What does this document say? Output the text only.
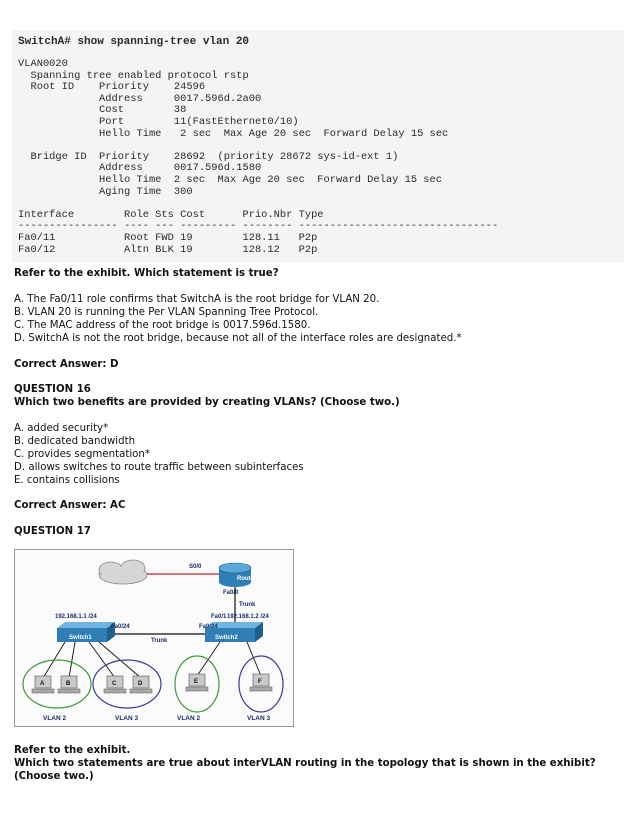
SwitchA# show spanning-tree vlan 20
VLAN0020
Spanning tree enabled protocol rstp
Root ID    Priority    24596
Address     0017.596d.2a00
Cost        38
Port        11(FastEthernet0/10)
Hello Time   2 sec  Max Age 20 sec  Forward Delay 15 sec

Bridge ID  Priority    28692  (priority 28672 sys-id-ext 1)
Address     0017.596d.1580
Hello Time  2 sec  Max Age 20 sec  Forward Delay 15 sec
Aging Time  300

Interface        Role Sts Cost      Prio.Nbr Type
---------------- ---- --- --------- -------- --------------------------------
Fa0/11           Root FWD 19        128.11   P2p
Fa0/12           Altn BLK 19        128.12   P2p
Refer to the exhibit. Which statement is true?
A. The Fa0/11 role confirms that SwitchA is the root bridge for VLAN 20.
B. VLAN 20 is running the Per VLAN Spanning Tree Protocol.
C. The MAC address of the root bridge is 0017.596d.1580.
D. SwitchA is not the root bridge, because not all of the interface roles are designated.*
Correct Answer: D
QUESTION 16
Which two benefits are provided by creating VLANs? (Choose two.)
A. added security*
B. dedicated bandwidth
C. provides segmentation*
D. allows switches to route traffic between subinterfaces
E. contains collisions
Correct Answer: AC
QUESTION 17
S0/0
Router1
Fa0/0
Trunk
Switch1
192.168.1.1 /24
Fa0/24
Trunk	Switch2
Fa0/1
Fa0/24
192.168.1.2 /24
A	B	C	D	E	F
VLAN 2	VLAN 3	VLAN 2	VLAN 3
Refer to the exhibit.
Which two statements are true about interVLAN routing in the topology that is shown in the exhibit?
(Choose two.)
